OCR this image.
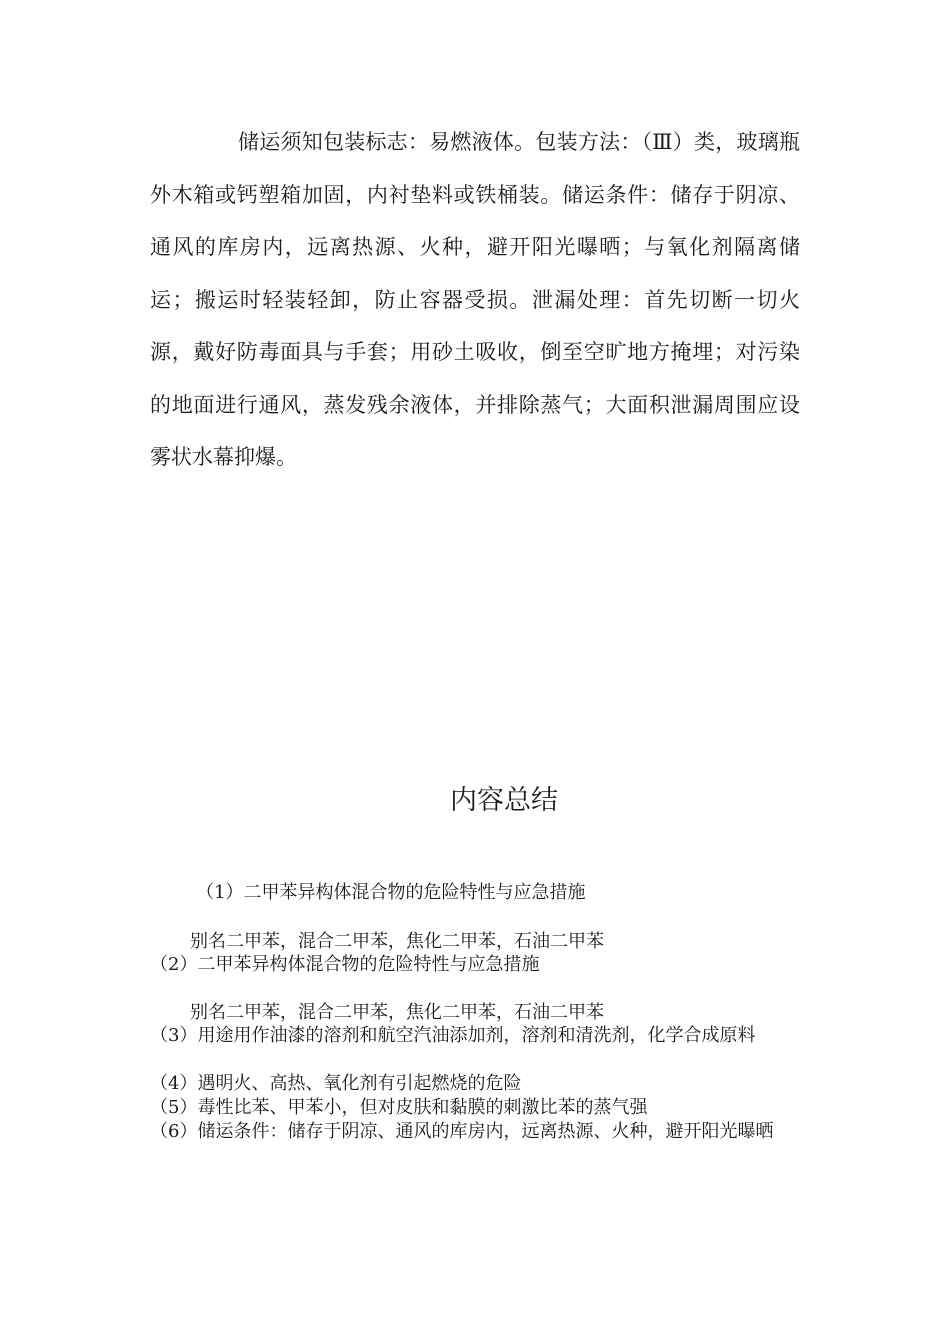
储运须知包装标志：易燃液体。包装方法：（Ⅲ）类，玻璃瓶外木箱或钙塑箱加固，内衬垫料或铁桶装。储运条件：储存于阴凉、通风的库房内，远离热源、火种，避开阳光曝晒；与氧化剂隔离储运；搬运时轻装轻卸，防止容器受损。泄漏处理：首先切断一切火源，戴好防毒面具与手套；用砂土吸收，倒至空旷地方掩埋；对污染的地面进行通风，蒸发残余液体，并排除蒸气；大面积泄漏周围应设雾状水幕抑爆。

内容总结

（1）二甲苯异构体混合物的危险特性与应急措施

别名二甲苯，混合二甲苯，焦化二甲苯，石油二甲苯

（2）二甲苯异构体混合物的危险特性与应急措施

别名二甲苯，混合二甲苯，焦化二甲苯，石油二甲苯

（3）用途用作油漆的溶剂和航空汽油添加剂，溶剂和清洗剂，化学合成原料

（4）遇明火、高热、氧化剂有引起燃烧的危险

（5）毒性比苯、甲苯小，但对皮肤和黏膜的刺激比苯的蒸气强

（6）储运条件：储存于阴凉、通风的库房内，远离热源、火种，避开阳光曝晒
